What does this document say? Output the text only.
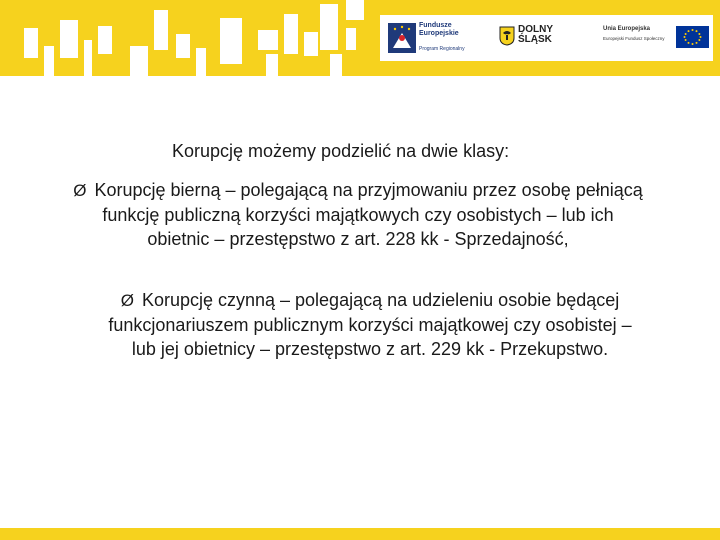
Fundusze
Europejskie
Program Regionalny
DOLNY
ŚLĄSK
Unia Europejska
Europejski Fundusz Społeczny
Korupcję możemy podzielić na dwie klasy:
Ø Korupcję bierną – polegającą na przyjmowaniu przez osobę pełniącą
funkcję publiczną korzyści majątkowych czy osobistych – lub ich
obietnic – przestępstwo z art. 228 kk - Sprzedajność,
Ø Korupcję czynną – polegającą na udzieleniu osobie będącej
funkcjonariuszem publicznym korzyści majątkowej czy osobistej –
lub jej obietnicy – przestępstwo z art. 229 kk - Przekupstwo.
